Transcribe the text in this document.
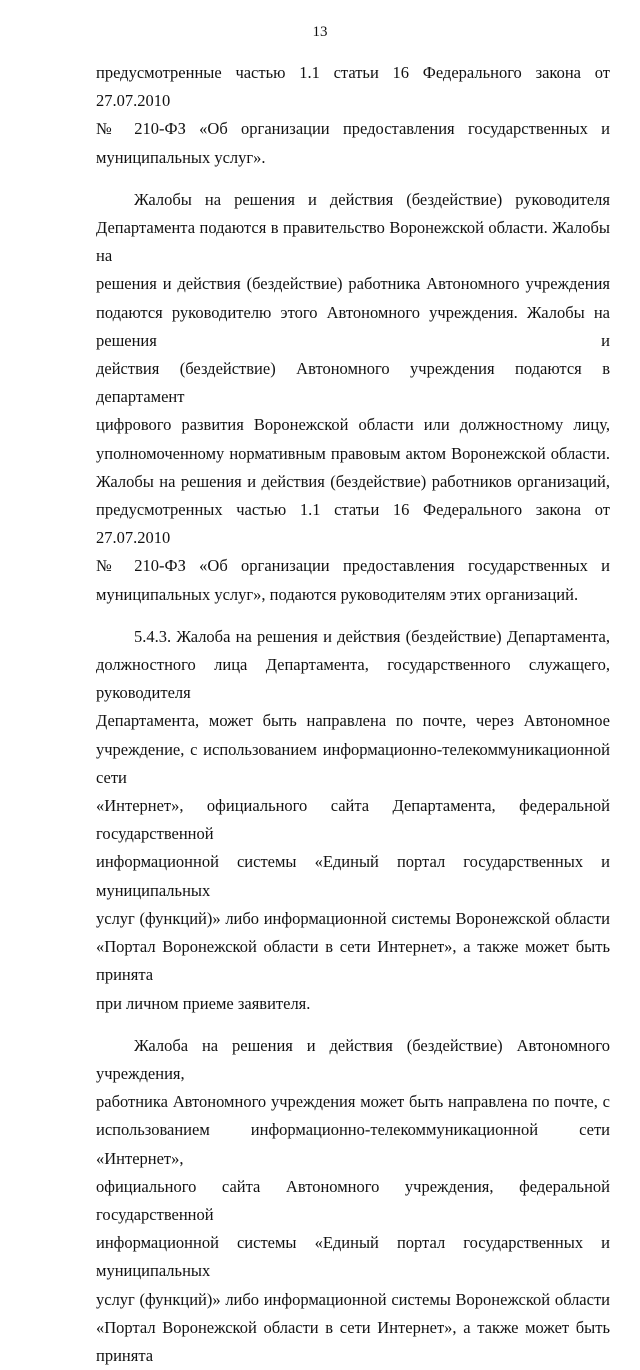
13
предусмотренные частью 1.1 статьи 16 Федерального закона от 27.07.2010
№ 210-ФЗ «Об организации предоставления государственных и
муниципальных услуг».
Жалобы на решения и действия (бездействие) руководителя
Департамента подаются в правительство Воронежской области. Жалобы на
решения и действия (бездействие) работника Автономного учреждения
подаются руководителю этого Автономного учреждения. Жалобы на решения и
действия (бездействие) Автономного учреждения подаются в департамент
цифрового развития Воронежской области или должностному лицу,
уполномоченному нормативным правовым актом Воронежской области.
Жалобы на решения и действия (бездействие) работников организаций,
предусмотренных частью 1.1 статьи 16 Федерального закона от 27.07.2010
№ 210-ФЗ «Об организации предоставления государственных и
муниципальных услуг», подаются руководителям этих организаций.
5.4.3. Жалоба на решения и действия (бездействие) Департамента,
должностного лица Департамента, государственного служащего, руководителя
Департамента, может быть направлена по почте, через Автономное
учреждение, с использованием информационно-телекоммуникационной сети
«Интернет», официального сайта Департамента, федеральной государственной
информационной системы «Единый портал государственных и муниципальных
услуг (функций)» либо информационной системы Воронежской области
«Портал Воронежской области в сети Интернет», а также может быть принята
при личном приеме заявителя.
Жалоба на решения и действия (бездействие) Автономного учреждения,
работника Автономного учреждения может быть направлена по почте, с
использованием информационно-телекоммуникационной сети «Интернет»,
официального сайта Автономного учреждения, федеральной государственной
информационной системы «Единый портал государственных и муниципальных
услуг (функций)» либо информационной системы Воронежской области
«Портал Воронежской области в сети Интернет», а также может быть принята
